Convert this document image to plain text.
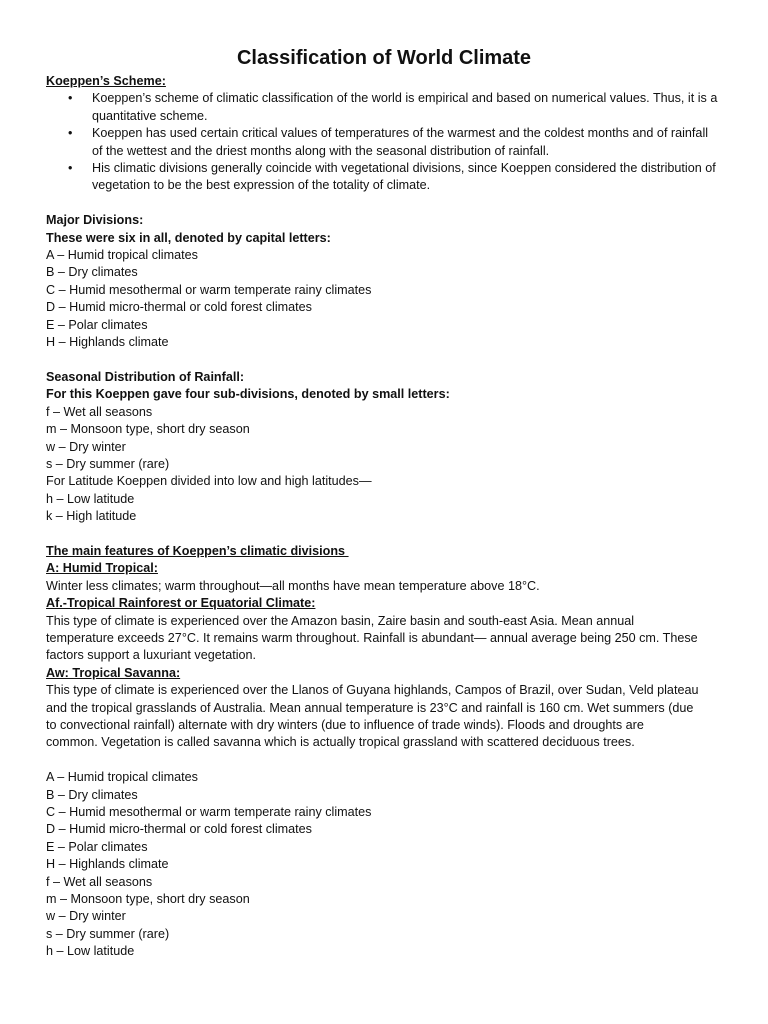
Classification of World Climate
Koeppen’s Scheme:
• Koeppen’s scheme of climatic classification of the world is empirical and based on numerical values. Thus, it is a quantitative scheme.
• Koeppen has used certain critical values of temperatures of the warmest and the coldest months and of rainfall of the wettest and the driest months along with the seasonal distribution of rainfall.
• His climatic divisions generally coincide with vegetational divisions, since Koeppen considered the distribution of vegetation to be the best expression of the totality of climate.
Major Divisions:
These were six in all, denoted by capital letters:
A – Humid tropical climates
B – Dry climates
C – Humid mesothermal or warm temperate rainy climates
D – Humid micro-thermal or cold forest climates
E – Polar climates
H – Highlands climate
Seasonal Distribution of Rainfall:
For this Koeppen gave four sub-divisions, denoted by small letters:
f – Wet all seasons
m – Monsoon type, short dry season
w – Dry winter
s – Dry summer (rare)
For Latitude Koeppen divided into low and high latitudes—
h – Low latitude
k – High latitude
The main features of Koeppen’s climatic divisions
A: Humid Tropical:
Winter less climates; warm throughout—all months have mean temperature above 18°C.
Af.-Tropical Rainforest or Equatorial Climate:
This type of climate is experienced over the Amazon basin, Zaire basin and south-east Asia. Mean annual
temperature exceeds 27°C. It remains warm throughout. Rainfall is abundant— annual average being 250 cm. These
factors support a luxuriant vegetation.
Aw: Tropical Savanna:
This type of climate is experienced over the Llanos of Guyana highlands, Campos of Brazil, over Sudan, Veld plateau
and the tropical grasslands of Australia. Mean annual temperature is 23°C and rainfall is 160 cm. Wet summers (due
to convectional rainfall) alternate with dry winters (due to influence of trade winds). Floods and droughts are
common. Vegetation is called savanna which is actually tropical grassland with scattered deciduous trees.
A – Humid tropical climates
B – Dry climates
C – Humid mesothermal or warm temperate rainy climates
D – Humid micro-thermal or cold forest climates
E – Polar climates
H – Highlands climate
f – Wet all seasons
m – Monsoon type, short dry season
w – Dry winter
s – Dry summer (rare)
h – Low latitude
